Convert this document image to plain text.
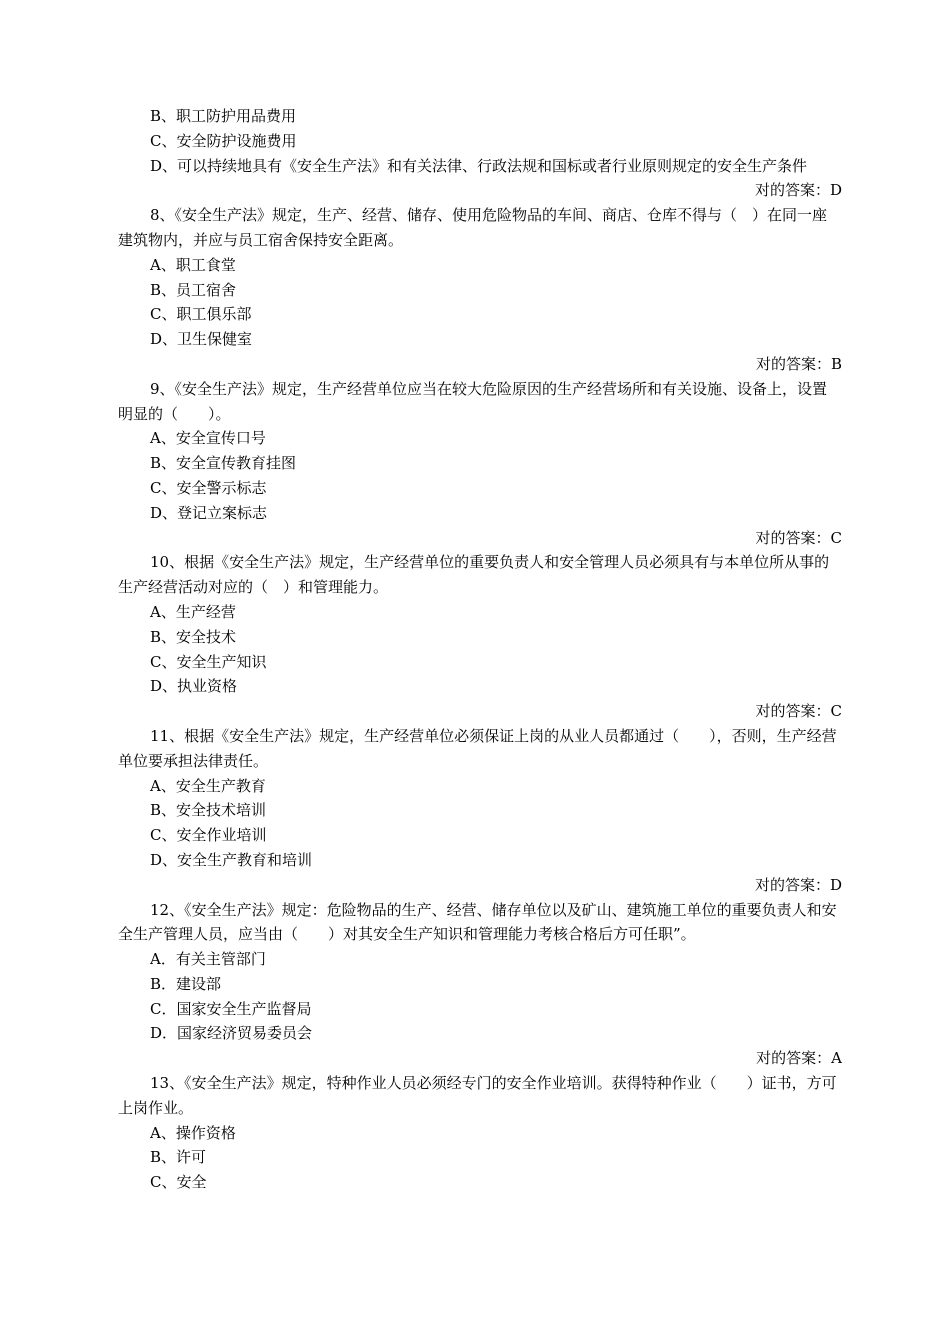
B、职工防护用品费用
C、安全防护设施费用
D、可以持续地具有《安全生产法》和有关法律、行政法规和国标或者行业原则规定的安全生产条件
对的答案：D
8、《安全生产法》规定，生产、经营、储存、使用危险物品的车间、商店、仓库不得与（　）在同一座建筑物内，并应与员工宿舍保持安全距离。
A、职工食堂
B、员工宿舍
C、职工俱乐部
D、卫生保健室
对的答案：B
9、《安全生产法》规定，生产经营单位应当在较大危险原因的生产经营场所和有关设施、设备上，设置明显的（　　）。
A、安全宣传口号
B、安全宣传教育挂图
C、安全警示标志
D、登记立案标志
对的答案：C
10、根据《安全生产法》规定，生产经营单位的重要负责人和安全管理人员必须具有与本单位所从事的生产经营活动对应的（　）和管理能力。
A、生产经营
B、安全技术
C、安全生产知识
D、执业资格
对的答案：C
11、根据《安全生产法》规定，生产经营单位必须保证上岗的从业人员都通过（　　），否则，生产经营单位要承担法律责任。
A、安全生产教育
B、安全技术培训
C、安全作业培训
D、安全生产教育和培训
对的答案：D
12、《安全生产法》规定：危险物品的生产、经营、储存单位以及矿山、建筑施工单位的重要负责人和安全生产管理人员，应当由（　　）对其安全生产知识和管理能力考核合格后方可任职”。
A．有关主管部门
B．建设部
C．国家安全生产监督局
D．国家经济贸易委员会
对的答案：A
13、《安全生产法》规定，特种作业人员必须经专门的安全作业培训。获得特种作业（　　）证书，方可上岗作业。
A、操作资格
B、许可
C、安全
